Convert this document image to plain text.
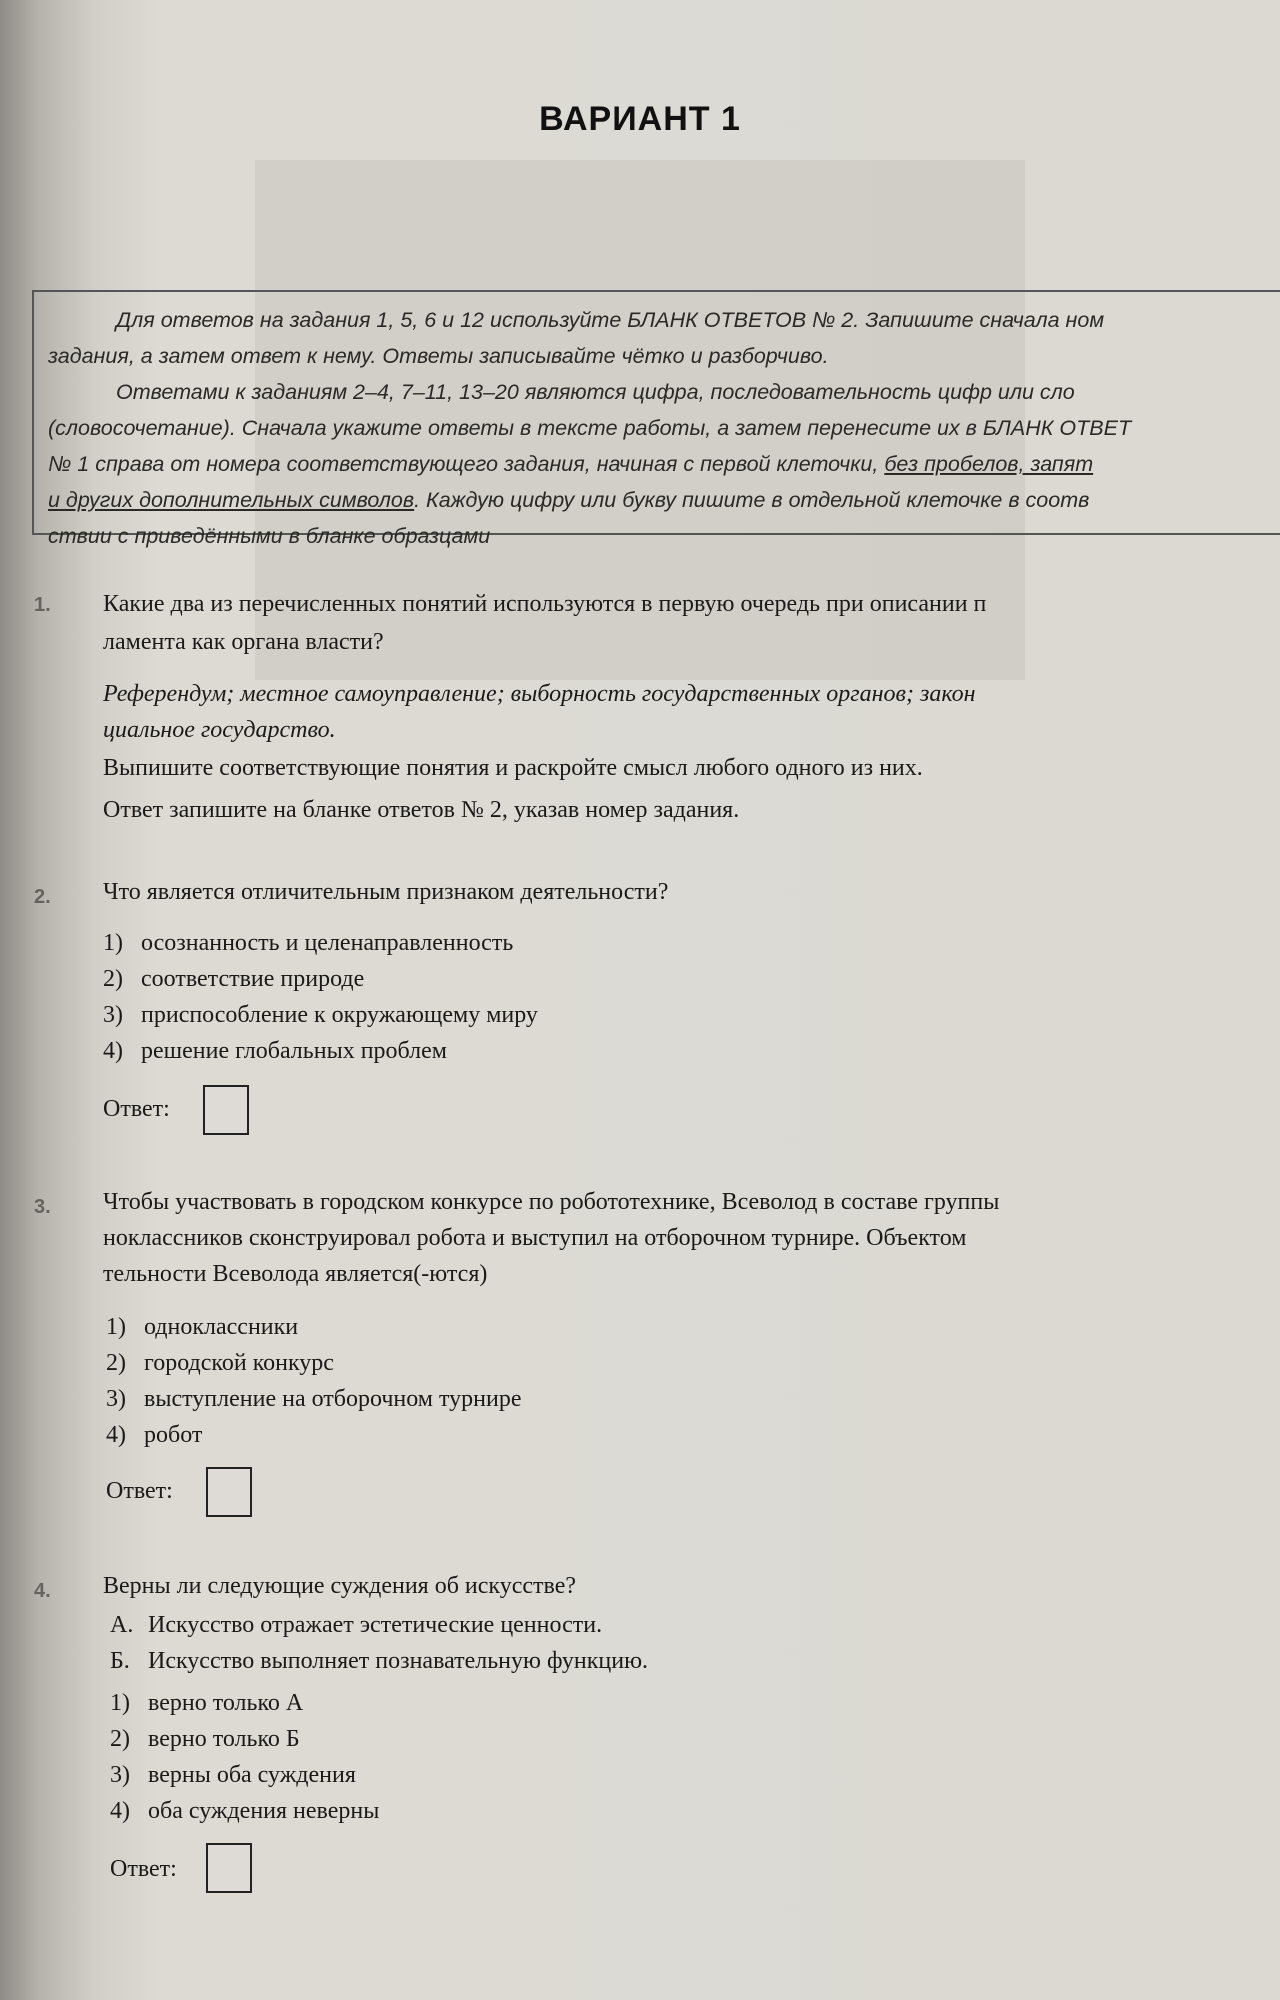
ВАРИАНТ 1
Для ответов на задания 1, 5, 6 и 12 используйте БЛАНК ОТВЕТОВ № 2. Запишите сначала ном
задания, а затем ответ к нему. Ответы записывайте чётко и разборчиво.
Ответами к заданиям 2–4, 7–11, 13–20 являются цифра, последовательность цифр или сло
(словосочетание). Сначала укажите ответы в тексте работы, а затем перенесите их в БЛАНК ОТВЕТ
№ 1 справа от номера соответствующего задания, начиная с первой клеточки, без пробелов, запят
и других дополнительных символов. Каждую цифру или букву пишите в отдельной клеточке в соотв
ствии с приведёнными в бланке образцами
1.	Какие два из перечисленных понятий используются в первую очередь при описании п
ламента как органа власти?
Референдум; местное самоуправление; выборность государственных органов; закон
циальное государство.
Выпишите соответствующие понятия и раскройте смысл любого одного из них.
Ответ запишите на бланке ответов № 2, указав номер задания.
2.	Что является отличительным признаком деятельности?
1) осознанность и целенаправленность
2) соответствие природе
3) приспособление к окружающему миру
4) решение глобальных проблем
Ответ:
3.	Чтобы участвовать в городском конкурсе по робототехнике, Всеволод в составе группы
ноклассников сконструировал робота и выступил на отборочном турнире. Объектом
тельности Всеволода является(-ются)
1) одноклассники
2) городской конкурс
3) выступление на отборочном турнире
4) робот
Ответ:
4.	Верны ли следующие суждения об искусстве?
А. Искусство отражает эстетические ценности.
Б. Искусство выполняет познавательную функцию.
1) верно только А
2) верно только Б
3) верны оба суждения
4) оба суждения неверны
Ответ:
